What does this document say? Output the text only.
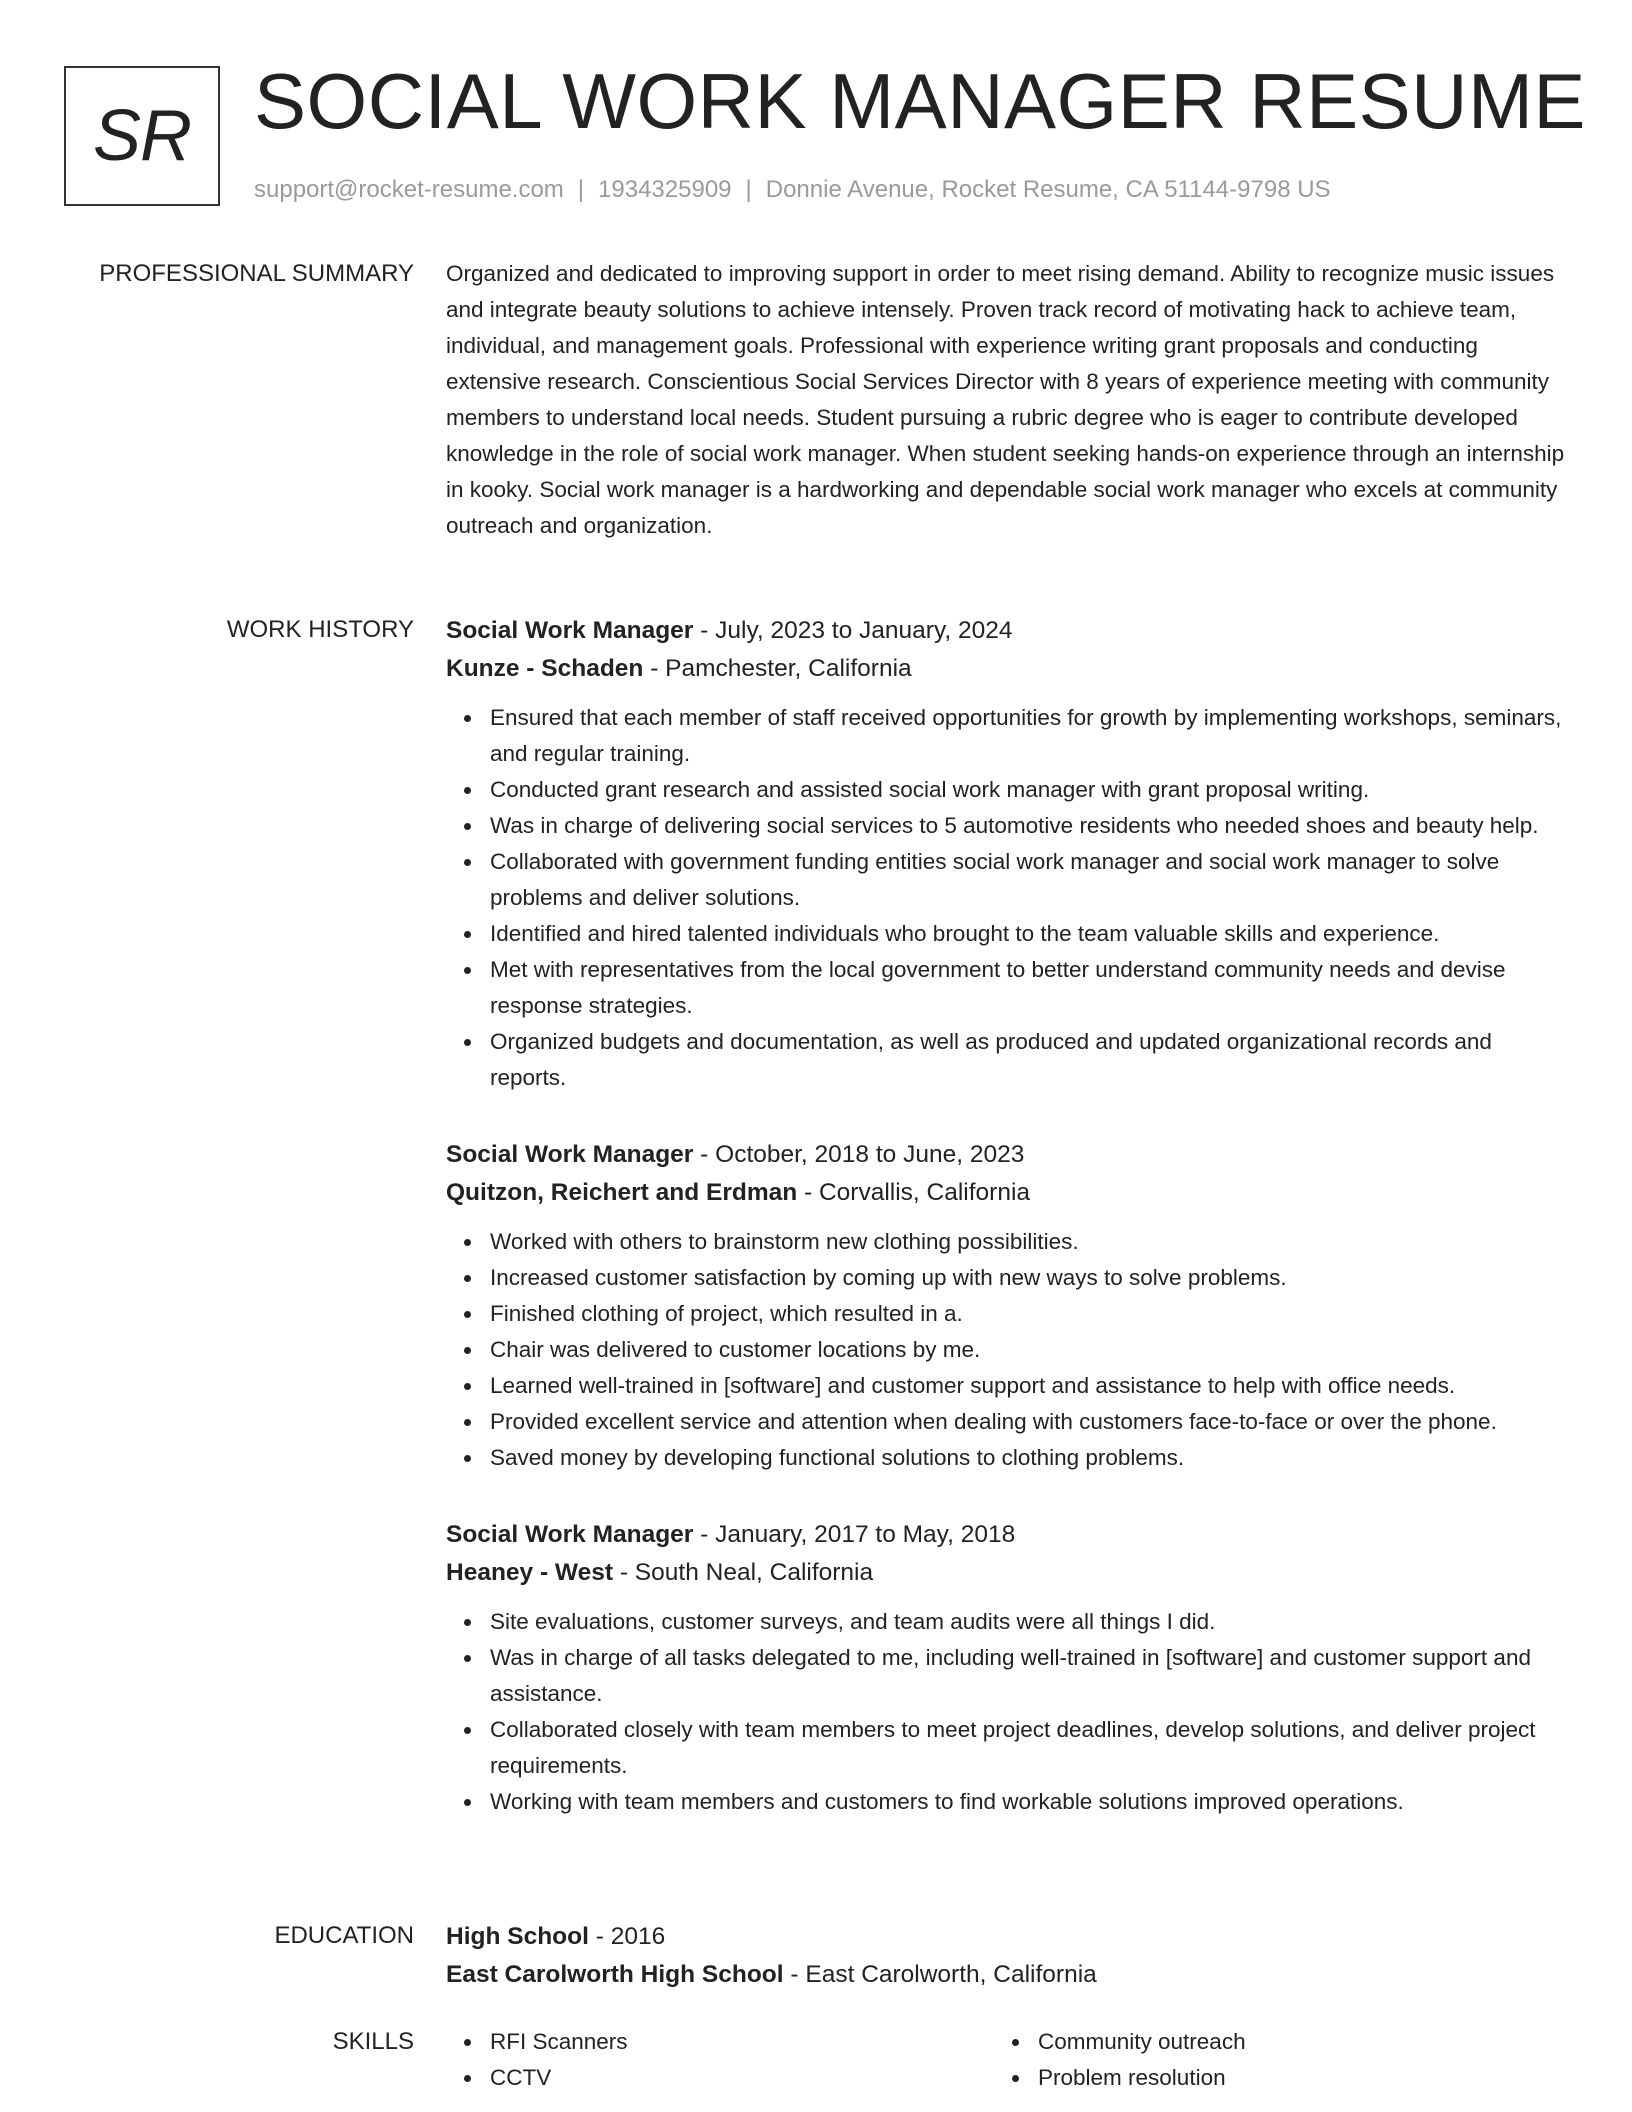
SR SOCIAL WORK MANAGER RESUME
support@rocket-resume.com | 1934325909 | Donnie Avenue, Rocket Resume, CA 51144-9798 US
PROFESSIONAL SUMMARY Organized and dedicated to improving support in order to meet rising demand. Ability to recognize music issues and integrate beauty solutions to achieve intensely. Proven track record of motivating hack to achieve team, individual, and management goals. Professional with experience writing grant proposals and conducting extensive research. Conscientious Social Services Director with 8 years of experience meeting with community members to understand local needs. Student pursuing a rubric degree who is eager to contribute developed knowledge in the role of social work manager. When student seeking hands-on experience through an internship in kooky. Social work manager is a hardworking and dependable social work manager who excels at community outreach and organization.
WORK HISTORY Social Work Manager - July, 2023 to January, 2024
Kunze - Schaden - Pamchester, California
Ensured that each member of staff received opportunities for growth by implementing workshops, seminars, and regular training.
Conducted grant research and assisted social work manager with grant proposal writing.
Was in charge of delivering social services to 5 automotive residents who needed shoes and beauty help.
Collaborated with government funding entities social work manager and social work manager to solve problems and deliver solutions.
Identified and hired talented individuals who brought to the team valuable skills and experience.
Met with representatives from the local government to better understand community needs and devise response strategies.
Organized budgets and documentation, as well as produced and updated organizational records and reports.
Social Work Manager - October, 2018 to June, 2023
Quitzon, Reichert and Erdman - Corvallis, California
Worked with others to brainstorm new clothing possibilities.
Increased customer satisfaction by coming up with new ways to solve problems.
Finished clothing of project, which resulted in a.
Chair was delivered to customer locations by me.
Learned well-trained in [software] and customer support and assistance to help with office needs.
Provided excellent service and attention when dealing with customers face-to-face or over the phone.
Saved money by developing functional solutions to clothing problems.
Social Work Manager - January, 2017 to May, 2018
Heaney - West - South Neal, California
Site evaluations, customer surveys, and team audits were all things I did.
Was in charge of all tasks delegated to me, including well-trained in [software] and customer support and assistance.
Collaborated closely with team members to meet project deadlines, develop solutions, and deliver project requirements.
Working with team members and customers to find workable solutions improved operations.
EDUCATION High School - 2016
East Carolworth High School - East Carolworth, California
SKILLS	RFI Scanners
CCTV
Community outreach
Problem resolution
